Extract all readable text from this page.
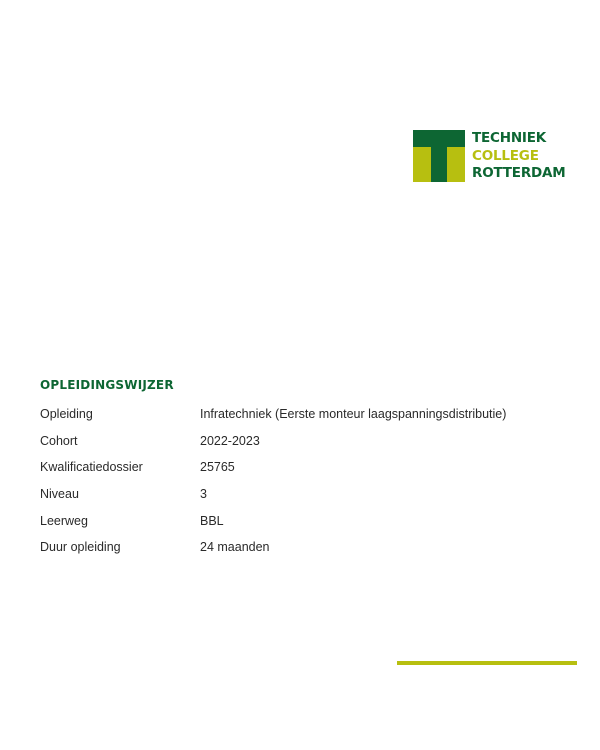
TECHNIEK
COLLEGE
ROTTERDAM
OPLEIDINGSWIJZER
Opleiding	Infratechniek (Eerste monteur laagspanningsdistributie)
Cohort	2022-2023
Kwalificatiedossier	25765
Niveau	3
Leerweg	BBL
Duur opleiding	24 maanden
